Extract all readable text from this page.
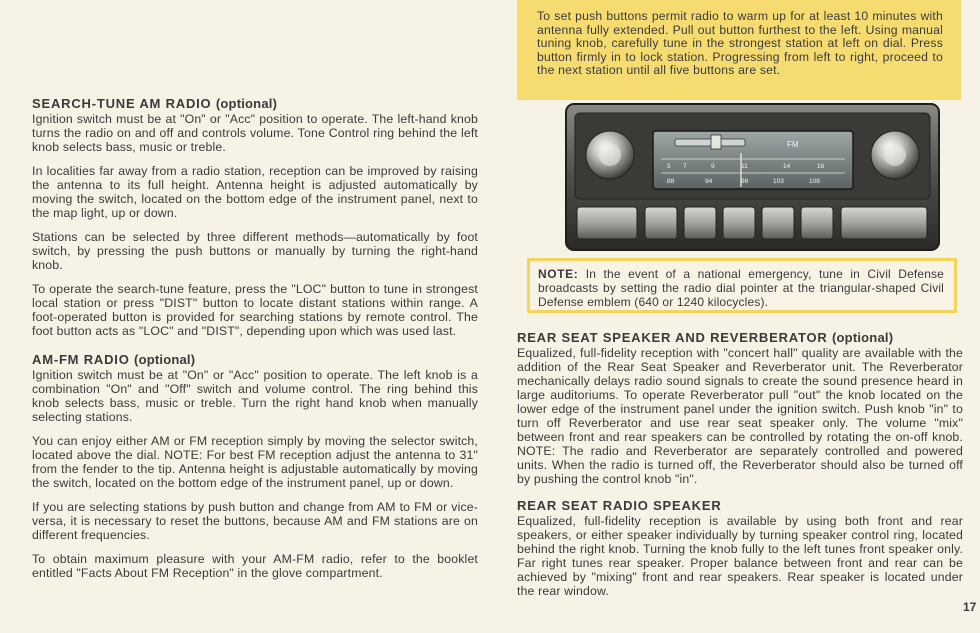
SEARCH-TUNE AM RADIO (optional)

Ignition switch must be at "On" or "Acc" position to operate. The left-hand knob turns the radio on and off and controls volume. Tone Control ring behind the left knob selects bass, music or treble.

In localities far away from a radio station, reception can be improved by raising the antenna to its full height. Antenna height is adjusted automatically by moving the switch, located on the bottom edge of the instrument panel, next to the map light, up or down.

Stations can be selected by three different methods—automatically by foot switch, by pressing the push buttons or manually by turning the right-hand knob.

To operate the search-tune feature, press the "LOC" button to tune in strongest local station or press "DIST" button to locate distant stations within range. A foot-operated button is provided for searching stations by remote control. The foot button acts as "LOC" and "DIST", depending upon which was used last.

AM-FM RADIO (optional)

Ignition switch must be at "On" or "Acc" position to operate. The left knob is a combination "On" and "Off" switch and volume control. The ring behind this knob selects bass, music or treble. Turn the right hand knob when manually selecting stations.

You can enjoy either AM or FM reception simply by moving the selector switch, located above the dial. NOTE: For best FM reception adjust the antenna to 31" from the fender to the tip. Antenna height is adjustable automatically by moving the switch, located on the bottom edge of the instrument panel, up or down.

If you are selecting stations by push button and change from AM to FM or vice-versa, it is necessary to reset the buttons, because AM and FM stations are on different frequencies.

To obtain maximum pleasure with your AM-FM radio, refer to the booklet entitled "Facts About FM Reception" in the glove compartment.

To set push buttons permit radio to warm up for at least 10 minutes with antenna fully extended. Pull out button furthest to the left. Using manual tuning knob, carefully tune in the strongest station at left on dial. Press button firmly in to lock station. Progressing from left to right, proceed to the next station until all five buttons are set.

FM
5 7	9	11	14	16
88	94	98	103	108

NOTE: In the event of a national emergency, tune in Civil Defense broadcasts by setting the radio dial pointer at the triangular-shaped Civil Defense emblem (640 or 1240 kilocycles).

REAR SEAT SPEAKER AND REVERBERATOR (optional)

Equalized, full-fidelity reception with "concert hall" quality are available with the addition of the Rear Seat Speaker and Reverberator unit. The Reverberator mechanically delays radio sound signals to create the sound presence heard in large auditoriums. To operate Reverberator pull "out" the knob located on the lower edge of the instrument panel under the ignition switch. Push knob "in" to turn off Reverberator and use rear seat speaker only. The volume "mix" between front and rear speakers can be controlled by rotating the on-off knob. NOTE: The radio and Reverberator are separately controlled and powered units. When the radio is turned off, the Reverberator should also be turned off by pushing the control knob "in".

REAR SEAT RADIO SPEAKER

Equalized, full-fidelity reception is available by using both front and rear speakers, or either speaker individually by turning speaker control ring, located behind the right knob. Turning the knob fully to the left tunes front speaker only. Far right tunes rear speaker. Proper balance between front and rear can be achieved by "mixing" front and rear speakers. Rear speaker is located under the rear window.

17
